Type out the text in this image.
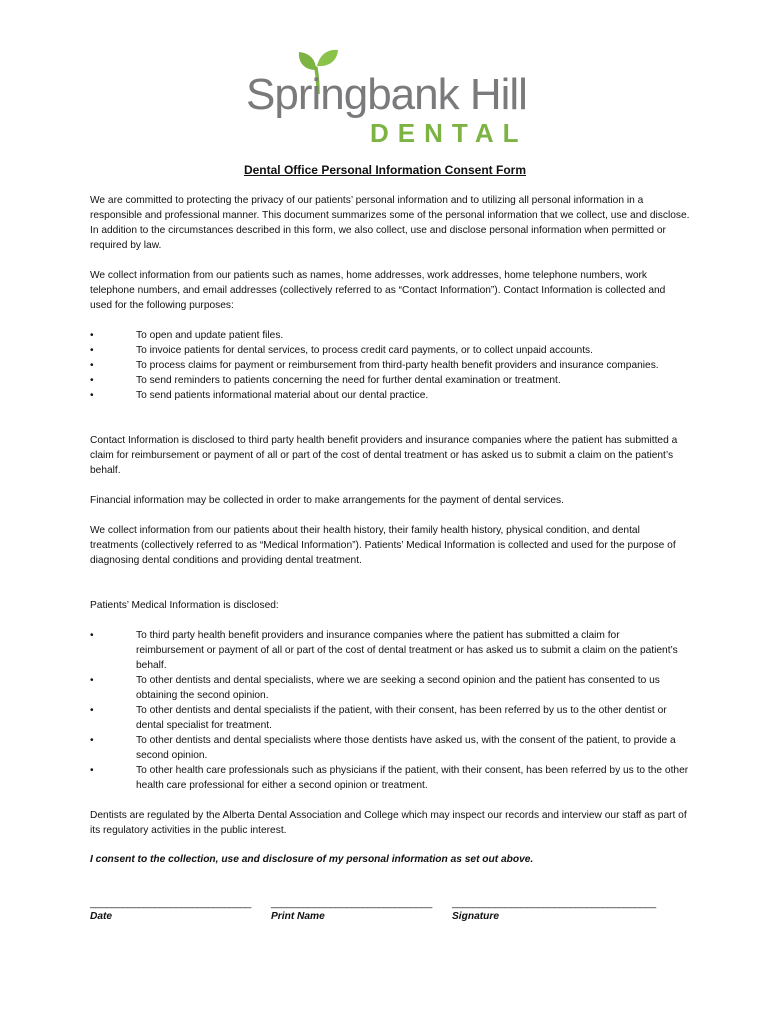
Springbank Hill
DENTAL
Dental Office Personal Information Consent Form

We are committed to protecting the privacy of our patients’ personal information and to utilizing all personal information in a responsible and professional manner. This document summarizes some of the personal information that we collect, use and disclose. In addition to the circumstances described in this form, we also collect, use and disclose personal information when permitted or required by law.

We collect information from our patients such as names, home addresses, work addresses, home telephone numbers, work telephone numbers, and email addresses (collectively referred to as “Contact Information”). Contact Information is collected and used for the following purposes:

•	To open and update patient files.
•	To invoice patients for dental services, to process credit card payments, or to collect unpaid accounts.
•	To process claims for payment or reimbursement from third-party health benefit providers and insurance companies.
•	To send reminders to patients concerning the need for further dental examination or treatment.
•	To send patients informational material about our dental practice.

Contact Information is disclosed to third party health benefit providers and insurance companies where the patient has submitted a claim for reimbursement or payment of all or part of the cost of dental treatment or has asked us to submit a claim on the patient’s behalf.

Financial information may be collected in order to make arrangements for the payment of dental services.

We collect information from our patients about their health history, their family health history, physical condition, and dental treatments (collectively referred to as “Medical Information”). Patients’ Medical Information is collected and used for the purpose of diagnosing dental conditions and providing dental treatment.

Patients’ Medical Information is disclosed:

•	To third party health benefit providers and insurance companies where the patient has submitted a claim for reimbursement or payment of all or part of the cost of dental treatment or has asked us to submit a claim on the patient’s behalf.
•	To other dentists and dental specialists, where we are seeking a second opinion and the patient has consented to us obtaining the second opinion.
•	To other dentists and dental specialists if the patient, with their consent, has been referred by us to the other dentist or dental specialist for treatment.
•	To other dentists and dental specialists where those dentists have asked us, with the consent of the patient, to provide a second opinion.
•	To other health care professionals such as physicians if the patient, with their consent, has been referred by us to the other health care professional for either a second opinion or treatment.

Dentists are regulated by the Alberta Dental Association and College which may inspect our records and interview our staff as part of its regulatory activities in the public interest.

I consent to the collection, use and disclosure of my personal information as set out above.
______________________________
Date
______________________________
Print Name
______________________________________
Signature
